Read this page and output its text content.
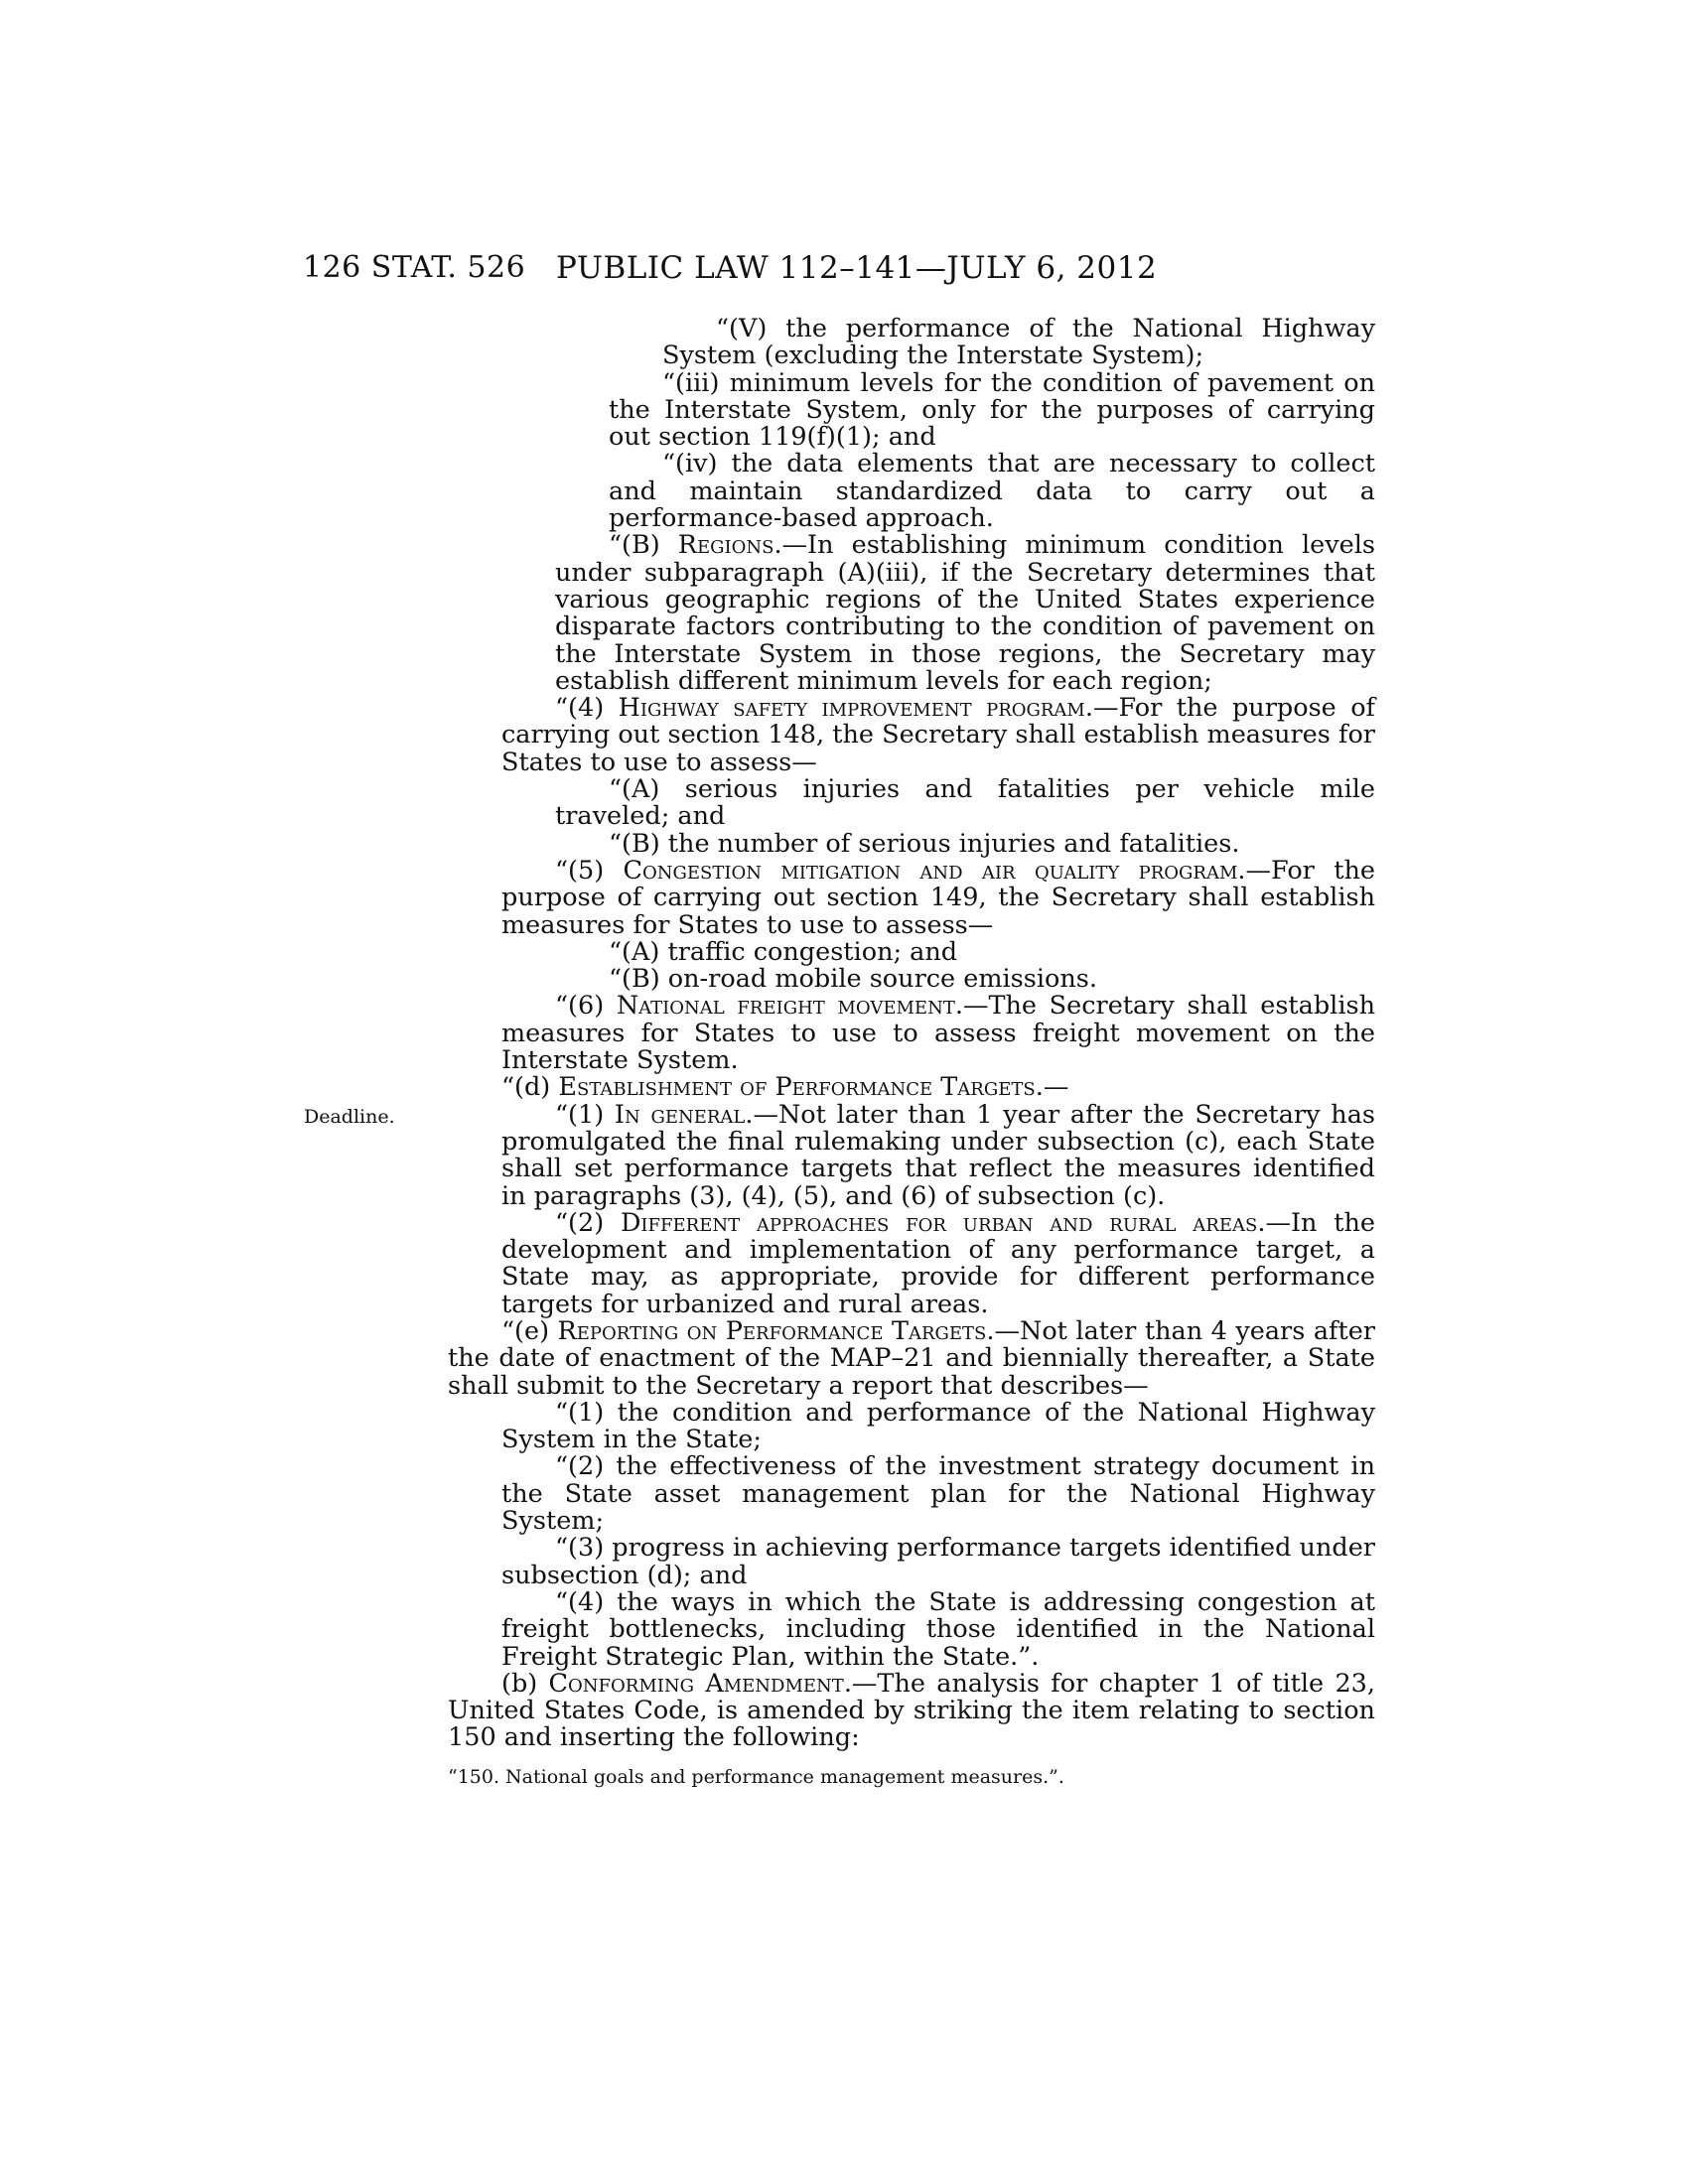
126 STAT. 526 PUBLIC LAW 112–141—JULY 6, 2012
Deadline.

“(V) the performance of the National Highway System (excluding the Interstate System);

“(iii) minimum levels for the condition of pavement on the Interstate System, only for the purposes of carrying out section 119(f)(1); and

“(iv) the data elements that are necessary to collect and maintain standardized data to carry out a performance-based approach.

“(B) Regions.—In establishing minimum condition levels under subparagraph (A)(iii), if the Secretary determines that various geographic regions of the United States experience disparate factors contributing to the condition of pavement on the Interstate System in those regions, the Secretary may establish different minimum levels for each region;

“(4) Highway safety improvement program.—For the purpose of carrying out section 148, the Secretary shall establish measures for States to use to assess—

“(A) serious injuries and fatalities per vehicle mile traveled; and

“(B) the number of serious injuries and fatalities.

“(5) Congestion mitigation and air quality program.—For the purpose of carrying out section 149, the Secretary shall establish measures for States to use to assess—

“(A) traffic congestion; and

“(B) on-road mobile source emissions.

“(6) National freight movement.—The Secretary shall establish measures for States to use to assess freight movement on the Interstate System.

“(d) Establishment of Performance Targets.—

“(1) In general.—Not later than 1 year after the Secretary has promulgated the final rulemaking under subsection (c), each State shall set performance targets that reflect the measures identified in paragraphs (3), (4), (5), and (6) of subsection (c).

“(2) Different approaches for urban and rural areas.—In the development and implementation of any performance target, a State may, as appropriate, provide for different performance targets for urbanized and rural areas.

“(e) Reporting on Performance Targets.—Not later than 4 years after the date of enactment of the MAP–21 and biennially thereafter, a State shall submit to the Secretary a report that describes—

“(1) the condition and performance of the National Highway System in the State;

“(2) the effectiveness of the investment strategy document in the State asset management plan for the National Highway System;

“(3) progress in achieving performance targets identified under subsection (d); and

“(4) the ways in which the State is addressing congestion at freight bottlenecks, including those identified in the National Freight Strategic Plan, within the State.”.

(b) Conforming Amendment.—The analysis for chapter 1 of title 23, United States Code, is amended by striking the item relating to section 150 and inserting the following:

“150. National goals and performance management measures.”.
